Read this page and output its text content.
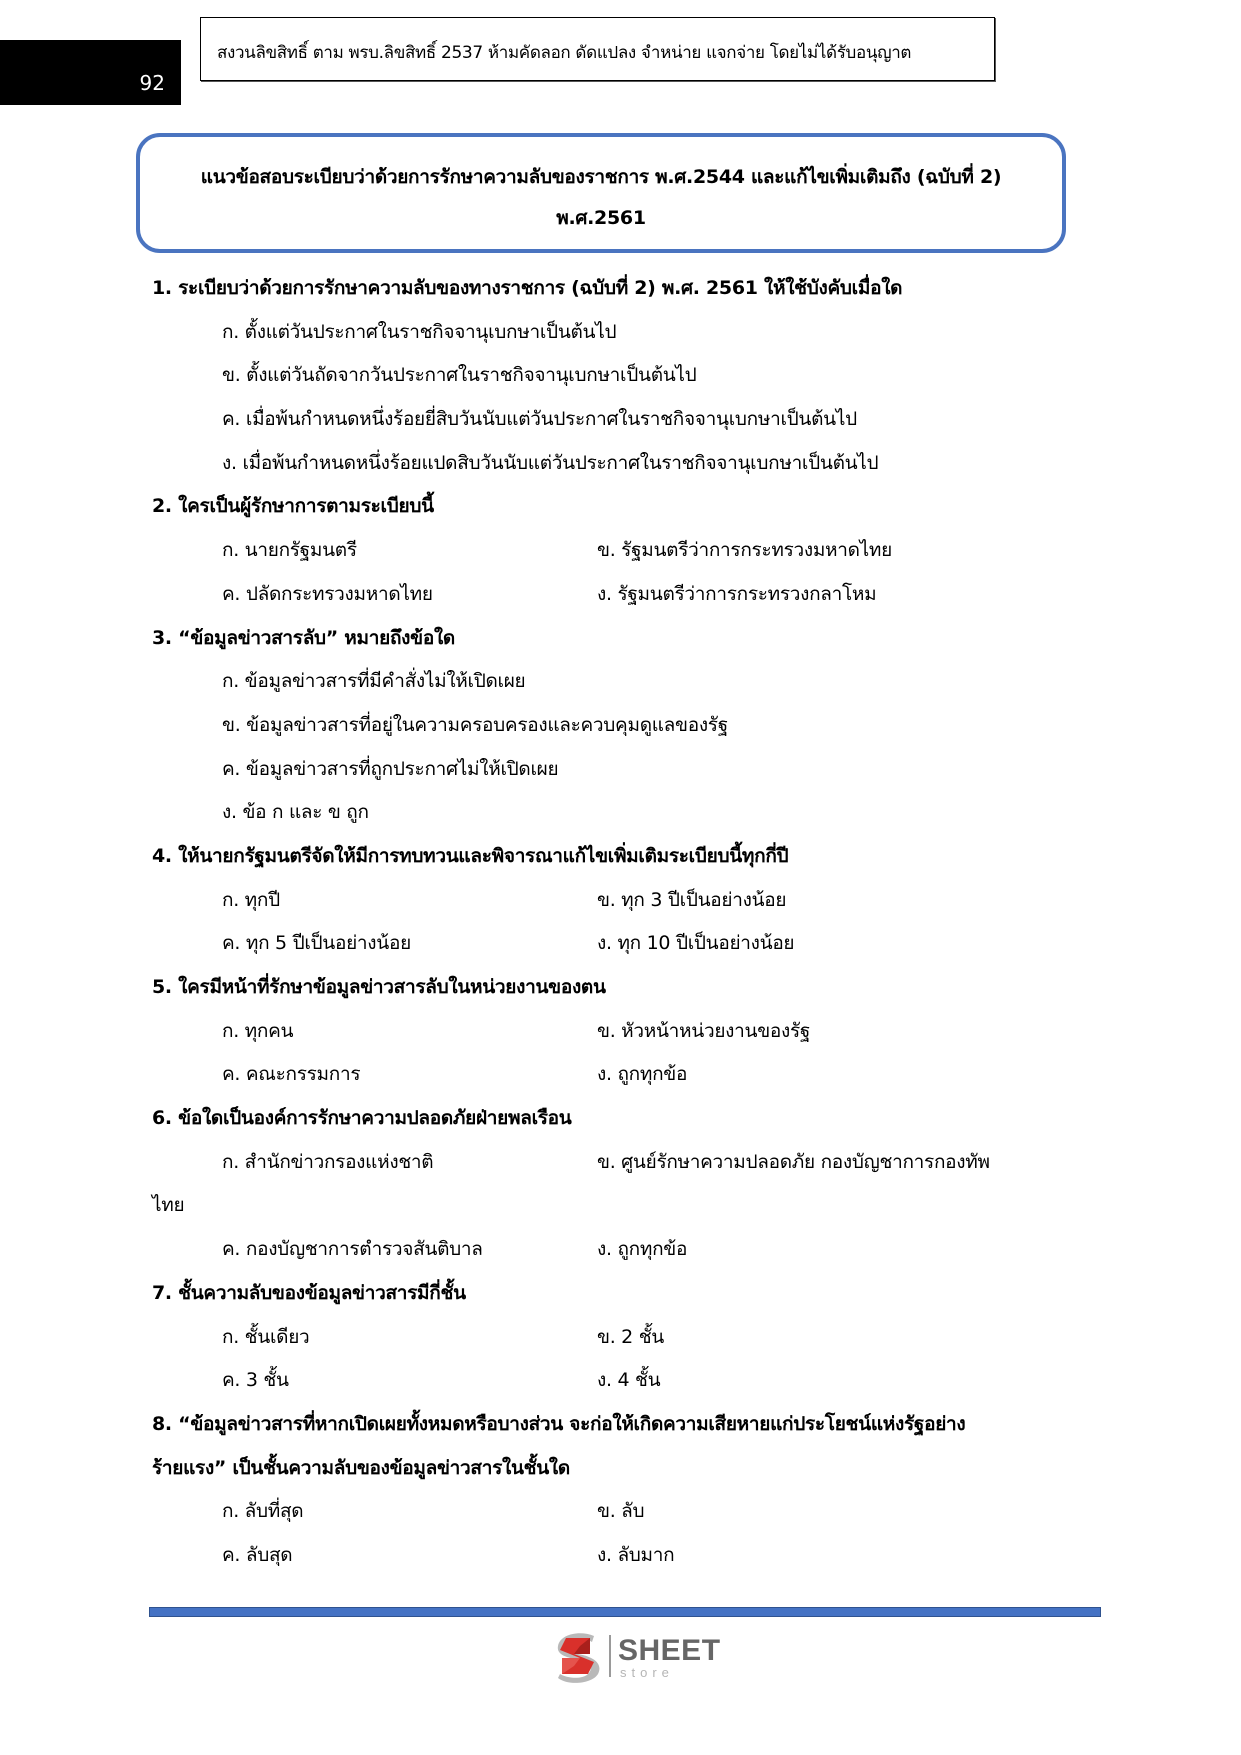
92
สงวนลิขสิทธิ์ ตาม พรบ.ลิขสิทธิ์ 2537 ห้ามคัดลอก ดัดแปลง จำหน่าย แจกจ่าย โดยไม่ได้รับอนุญาต
แนวข้อสอบระเบียบว่าด้วยการรักษาความลับของราชการ พ.ศ.2544 และแก้ไขเพิ่มเติมถึง (ฉบับที่ 2)
พ.ศ.2561
1. ระเบียบว่าด้วยการรักษาความลับของทางราชการ (ฉบับที่ 2) พ.ศ. 2561 ให้ใช้บังคับเมื่อใด
ก. ตั้งแต่วันประกาศในราชกิจจานุเบกษาเป็นต้นไป
ข. ตั้งแต่วันถัดจากวันประกาศในราชกิจจานุเบกษาเป็นต้นไป
ค. เมื่อพ้นกำหนดหนึ่งร้อยยี่สิบวันนับแต่วันประกาศในราชกิจจานุเบกษาเป็นต้นไป
ง. เมื่อพ้นกำหนดหนึ่งร้อยแปดสิบวันนับแต่วันประกาศในราชกิจจานุเบกษาเป็นต้นไป
2. ใครเป็นผู้รักษาการตามระเบียบนี้
ก. นายกรัฐมนตรี	ข. รัฐมนตรีว่าการกระทรวงมหาดไทย
ค. ปลัดกระทรวงมหาดไทย	ง. รัฐมนตรีว่าการกระทรวงกลาโหม
3. “ข้อมูลข่าวสารลับ” หมายถึงข้อใด
ก. ข้อมูลข่าวสารที่มีคำสั่งไม่ให้เปิดเผย
ข. ข้อมูลข่าวสารที่อยู่ในความครอบครองและควบคุมดูแลของรัฐ
ค. ข้อมูลข่าวสารที่ถูกประกาศไม่ให้เปิดเผย
ง. ข้อ ก และ ข ถูก
4. ให้นายกรัฐมนตรีจัดให้มีการทบทวนและพิจารณาแก้ไขเพิ่มเติมระเบียบนี้ทุกกี่ปี
ก. ทุกปี	ข. ทุก 3 ปีเป็นอย่างน้อย
ค. ทุก 5 ปีเป็นอย่างน้อย	ง. ทุก 10 ปีเป็นอย่างน้อย
5. ใครมีหน้าที่รักษาข้อมูลข่าวสารลับในหน่วยงานของตน
ก. ทุกคน	ข. หัวหน้าหน่วยงานของรัฐ
ค. คณะกรรมการ	ง. ถูกทุกข้อ
6. ข้อใดเป็นองค์การรักษาความปลอดภัยฝ่ายพลเรือน
ก. สำนักข่าวกรองแห่งชาติ	ข. ศูนย์รักษาความปลอดภัย กองบัญชาการกองทัพ
ไทย
ค. กองบัญชาการตำรวจสันติบาล	ง. ถูกทุกข้อ
7. ชั้นความลับของข้อมูลข่าวสารมีกี่ชั้น
ก. ชั้นเดียว	ข. 2 ชั้น
ค. 3 ชั้น	ง. 4 ชั้น
8. “ข้อมูลข่าวสารที่หากเปิดเผยทั้งหมดหรือบางส่วน จะก่อให้เกิดความเสียหายแก่ประโยชน์แห่งรัฐอย่าง
ร้ายแรง” เป็นชั้นความลับของข้อมูลข่าวสารในชั้นใด
ก. ลับที่สุด	ข. ลับ
ค. ลับสุด	ง. ลับมาก
SHEET
store
